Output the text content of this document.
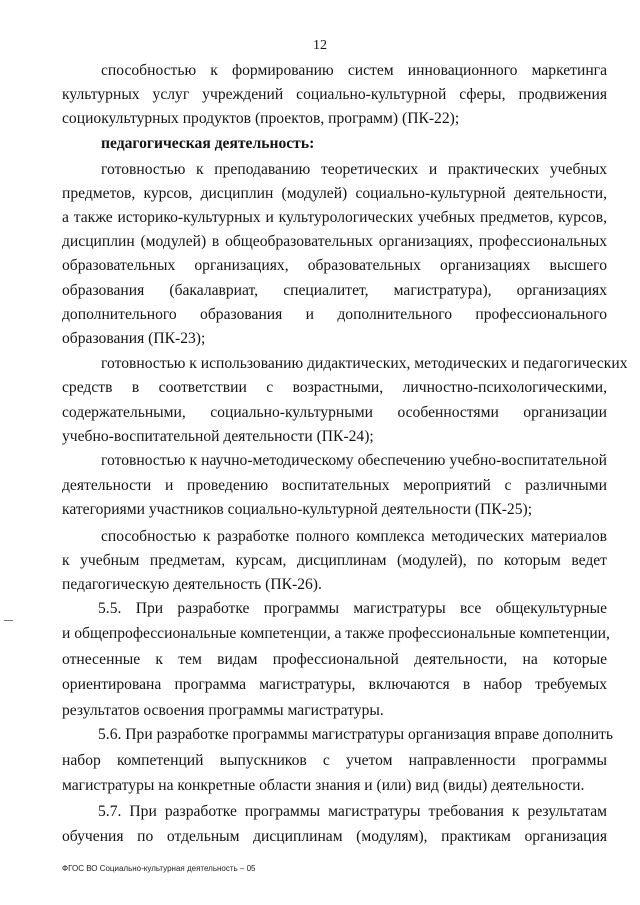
12
способностью к формированию систем инновационного маркетинга
культурных услуг учреждений социально-культурной сферы, продвижения
социокультурных продуктов (проектов, программ) (ПК-22);
педагогическая деятельность:
готовностью к преподаванию теоретических и практических учебных
предметов, курсов, дисциплин (модулей) социально-культурной деятельности,
а также историко-культурных и культурологических учебных предметов, курсов,
дисциплин (модулей) в общеобразовательных организациях, профессиональных
образовательных организациях, образовательных организациях высшего
образования (бакалавриат, специалитет, магистратура), организациях
дополнительного образования и дополнительного профессионального
образования (ПК-23);
готовностью к использованию дидактических, методических и педагогических
средств в соответствии с возрастными, личностно-психологическими,
содержательными, социально-культурными особенностями организации
учебно-воспитательной деятельности (ПК-24);
готовностью к научно-методическому обеспечению учебно-воспитательной
деятельности и проведению воспитательных мероприятий с различными
категориями участников социально-культурной деятельности (ПК-25);
способностью к разработке полного комплекса методических материалов
к учебным предметам, курсам, дисциплинам (модулей), по которым ведет
педагогическую деятельность (ПК-26).
5.5. При разработке программы магистратуры все общекультурные
и общепрофессиональные компетенции, а также профессиональные компетенции,
отнесенные к тем видам профессиональной деятельности, на которые
ориентирована программа магистратуры, включаются в набор требуемых
результатов освоения программы магистратуры.
5.6. При разработке программы магистратуры организация вправе дополнить
набор компетенций выпускников с учетом направленности программы
магистратуры на конкретные области знания и (или) вид (виды) деятельности.
5.7. При разработке программы магистратуры требования к результатам
обучения по отдельным дисциплинам (модулям), практикам организация
ФГОС ВО Социально-культурная деятельность – 05
